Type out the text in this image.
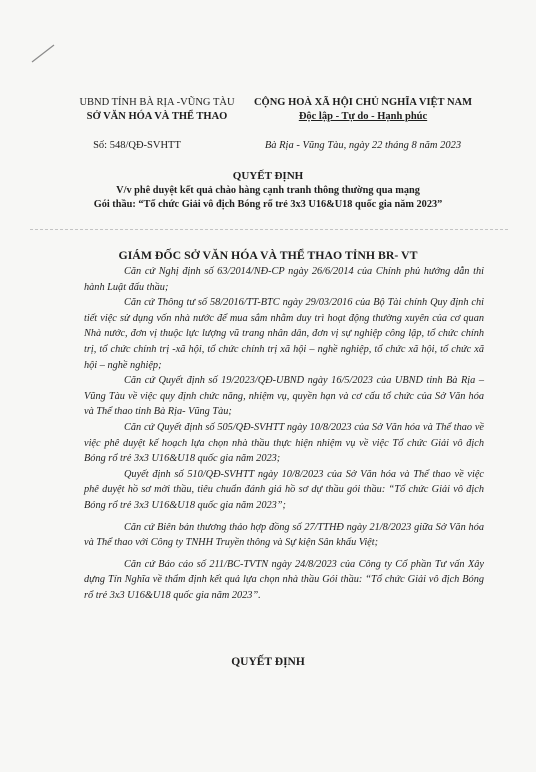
UBND TỈNH BÀ RỊA -VŨNG TÀU
SỞ VĂN HÓA VÀ THỂ THAO
CỘNG HOÀ XÃ HỘI CHỦ NGHĨA VIỆT NAM
Độc lập - Tự do - Hạnh phúc
Số: 548/QĐ-SVHTT	Bà Rịa - Vũng Tàu, ngày 22 tháng 8 năm 2023
QUYẾT ĐỊNH
V/v phê duyệt kết quả chào hàng cạnh tranh thông thường qua mạng
Gói thầu: “Tổ chức Giải vô địch Bóng rổ trẻ 3x3 U16&U18 quốc gia năm 2023”
GIÁM ĐỐC SỞ VĂN HÓA VÀ THỂ THAO TỈNH BR- VT

Căn cứ Nghị định số 63/2014/NĐ-CP ngày 26/6/2014 của Chính phủ hướng dẫn thi hành Luật đấu thầu;

Căn cứ Thông tư số 58/2016/TT-BTC ngày 29/03/2016 của Bộ Tài chính Quy định chi tiết việc sử dụng vốn nhà nước để mua sắm nhằm duy trì hoạt động thường xuyên của cơ quan Nhà nước, đơn vị thuộc lực lượng vũ trang nhân dân, đơn vị sự nghiệp công lập, tổ chức chính trị, tổ chức chính trị -xã hội, tổ chức chính trị xã hội – nghề nghiệp, tổ chức xã hội, tổ chức xã hội – nghề nghiệp;

Căn cứ Quyết định số 19/2023/QĐ-UBND ngày 16/5/2023 của UBND tỉnh Bà Rịa – Vũng Tàu về việc quy định chức năng, nhiệm vụ, quyền hạn và cơ cấu tổ chức của Sở Văn hóa và Thể thao tỉnh Bà Rịa- Vũng Tàu;

Căn cứ Quyết định số 505/QĐ-SVHTT ngày 10/8/2023 của Sở Văn hóa và Thể thao về việc phê duyệt kế hoạch lựa chọn nhà thầu thực hiện nhiệm vụ về việc Tổ chức Giải vô địch Bóng rổ trẻ 3x3 U16&U18 quốc gia năm 2023;

Quyết định số 510/QĐ-SVHTT ngày 10/8/2023 của Sở Văn hóa và Thể thao về việc phê duyệt hồ sơ mời thầu, tiêu chuẩn đánh giá hồ sơ dự thầu gói thầu: “Tổ chức Giải vô địch Bóng rổ trẻ 3x3 U16&U18 quốc gia năm 2023”;

Căn cứ Biên bản thương thảo hợp đồng số 27/TTHĐ ngày 21/8/2023 giữa Sở Văn hóa và Thể thao với Công ty TNHH Truyền thông và Sự kiện Sân khấu Việt;

Căn cứ Báo cáo số 211/BC-TVTN ngày 24/8/2023 của Công ty Cổ phần Tư vấn Xây dựng Tín Nghĩa về thẩm định kết quả lựa chọn nhà thầu Gói thầu: “Tổ chức Giải vô địch Bóng rổ trẻ 3x3 U16&U18 quốc gia năm 2023”.

QUYẾT ĐỊNH
